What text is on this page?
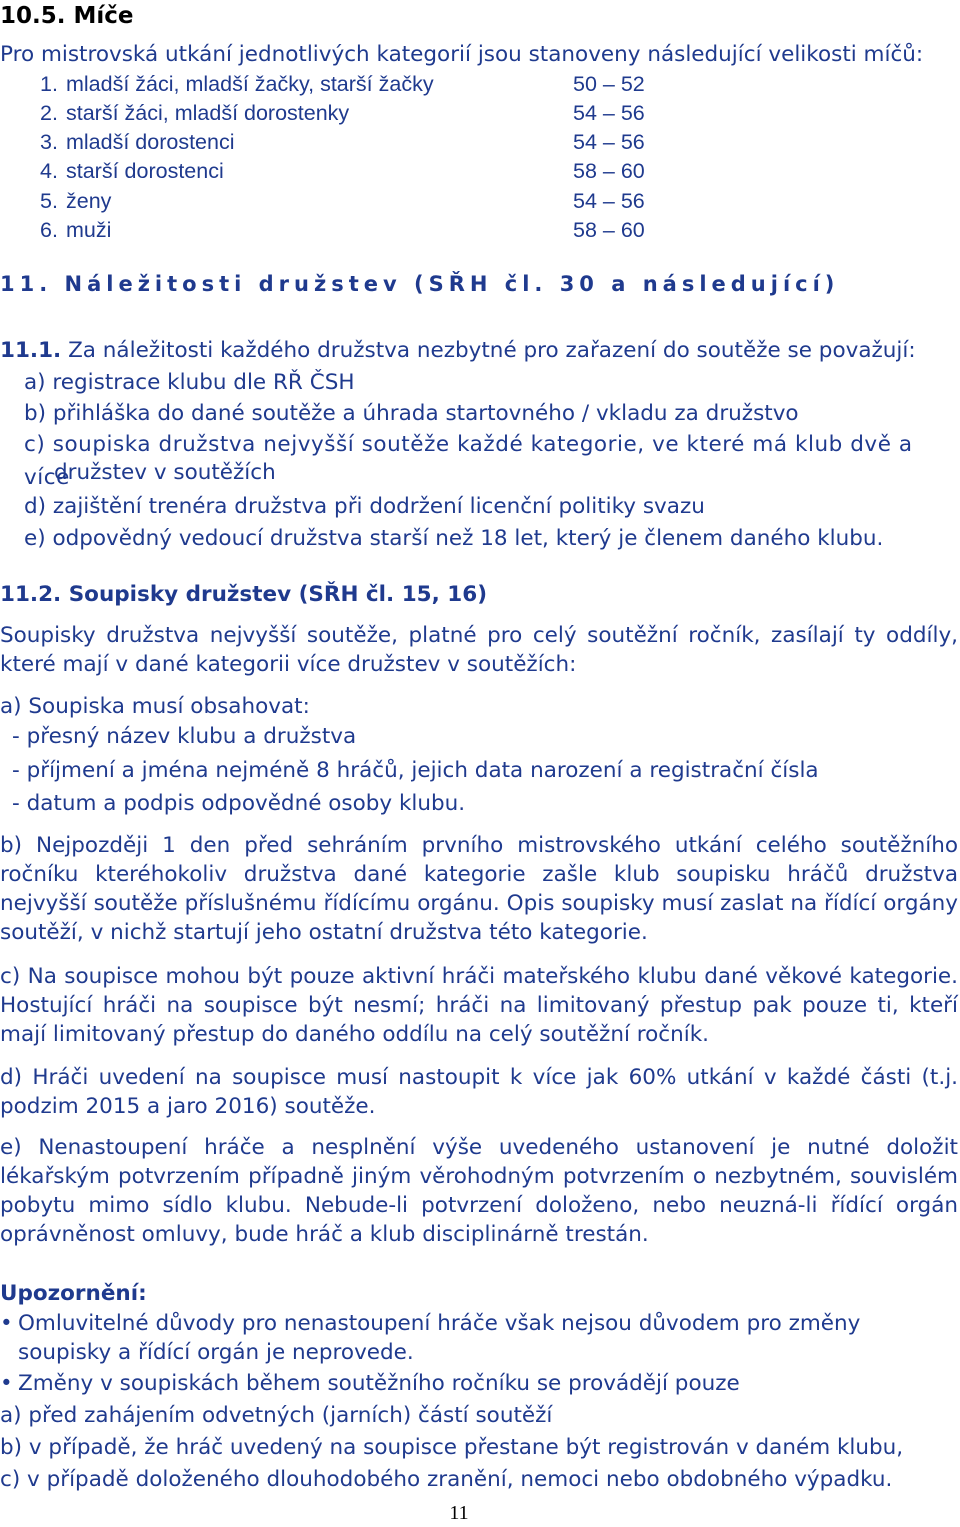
10.5. Míče
Pro mistrovská utkání jednotlivých kategorií jsou stanoveny následující velikosti míčů:
1. mladší žáci, mladší žačky, starší žačky	50 – 52
2. starší žáci, mladší dorostenky	54 – 56
3. mladší dorostenci	54 – 56
4. starší dorostenci	58 – 60
5. ženy	54 – 56
6. muži	58 – 60
11. Náležitosti družstev (SŘH čl. 30 a následující)
11.1. Za náležitosti každého družstva nezbytné pro zařazení do soutěže se považují:
a) registrace klubu dle RŘ ČSH
b) přihláška do dané soutěže a úhrada startovného / vkladu za družstvo
c) soupiska družstva nejvyšší soutěže každé kategorie, ve které má klub dvě a více
družstev v soutěžích
d) zajištění trenéra družstva při dodržení licenční politiky svazu
e) odpovědný vedoucí družstva starší než 18 let, který je členem daného klubu.
11.2. Soupisky družstev (SŘH čl. 15, 16)
Soupisky družstva nejvyšší soutěže, platné pro celý soutěžní ročník, zasílají ty oddíly, které mají v dané kategorii více družstev v soutěžích:
a) Soupiska musí obsahovat:
- přesný název klubu a družstva
- příjmení a jména nejméně 8 hráčů, jejich data narození a registrační čísla
- datum a podpis odpovědné osoby klubu.
b) Nejpozději 1 den před sehráním prvního mistrovského utkání celého soutěžního ročníku kteréhokoliv družstva dané kategorie zašle klub soupisku hráčů družstva nejvyšší soutěže příslušnému řídícímu orgánu. Opis soupisky musí zaslat na řídící orgány soutěží, v nichž startují jeho ostatní družstva této kategorie.
c) Na soupisce mohou být pouze aktivní hráči mateřského klubu dané věkové kategorie. Hostující hráči na soupisce být nesmí; hráči na limitovaný přestup pak pouze ti, kteří mají limitovaný přestup do daného oddílu na celý soutěžní ročník.
d) Hráči uvedení na soupisce musí nastoupit k více jak 60% utkání v každé části (t.j. podzim 2015 a jaro 2016) soutěže.
e) Nenastoupení hráče a nesplnění výše uvedeného ustanovení je nutné doložit lékařským potvrzením případně jiným věrohodným potvrzením o nezbytném, souvislém pobytu mimo sídlo klubu. Nebude-li potvrzení doloženo, nebo neuzná-li řídící orgán oprávněnost omluvy, bude hráč a klub disciplinárně trestán.
Upozornění:
• Omluvitelné důvody pro nenastoupení hráče však nejsou důvodem pro změny soupisky a řídící orgán je neprovede.
• Změny v soupiskách během soutěžního ročníku se provádějí pouze
a) před zahájením odvetných (jarních) částí soutěží
b) v případě, že hráč uvedený na soupisce přestane být registrován v daném klubu,
c) v případě doloženého dlouhodobého zranění, nemoci nebo obdobného výpadku.
11
